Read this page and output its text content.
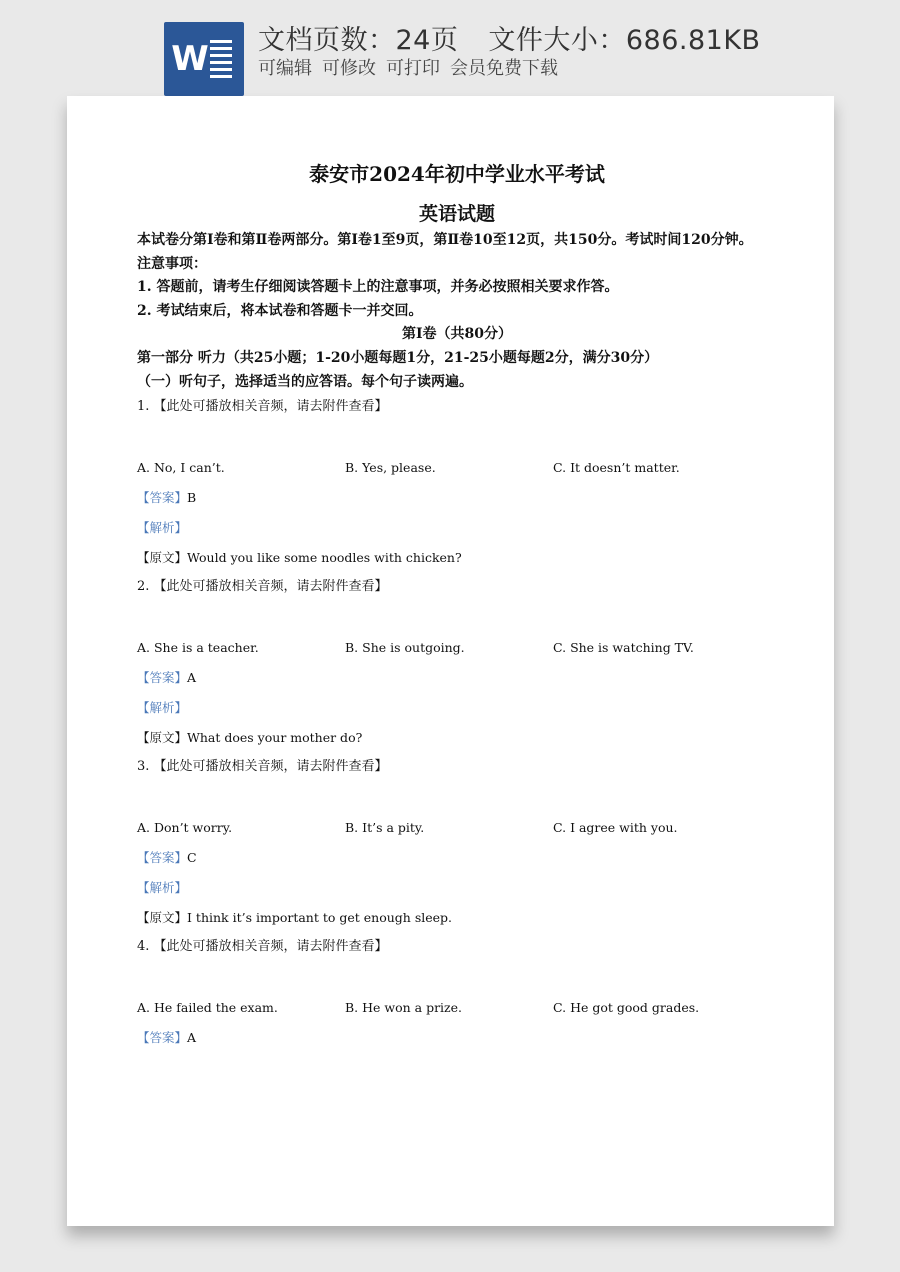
W 文档页数：24页 文件大小：686.81KB
可编辑 可修改 可打印 会员免费下载

泰安市2024年初中学业水平考试

英语试题

本试卷分第Ⅰ卷和第Ⅱ卷两部分。第Ⅰ卷1至9页，第Ⅱ卷10至12页，共150分。考试时间120分钟。

注意事项：

1. 答题前，请考生仔细阅读答题卡上的注意事项，并务必按照相关要求作答。

2. 考试结束后，将本试卷和答题卡一并交回。

第Ⅰ卷（共80分）

第一部分 听力（共25小题；1-20小题每题1分，21-25小题每题2分，满分30分）

（一）听句子，选择适当的应答语。每个句子读两遍。

1. 【此处可播放相关音频，请去附件查看】

A. No, I can’t.	B. Yes, please.	C. It doesn’t matter.

【答案】B

【解析】

【原文】Would you like some noodles with chicken?

2. 【此处可播放相关音频，请去附件查看】

A. She is a teacher.	B. She is outgoing.	C. She is watching TV.

【答案】A

【解析】

【原文】What does your mother do?

3. 【此处可播放相关音频，请去附件查看】

A. Don’t worry.	B. It’s a pity.	C. I agree with you.

【答案】C

【解析】

【原文】I think it’s important to get enough sleep.

4. 【此处可播放相关音频，请去附件查看】

A. He failed the exam.	B. He won a prize.	C. He got good grades.

【答案】A
